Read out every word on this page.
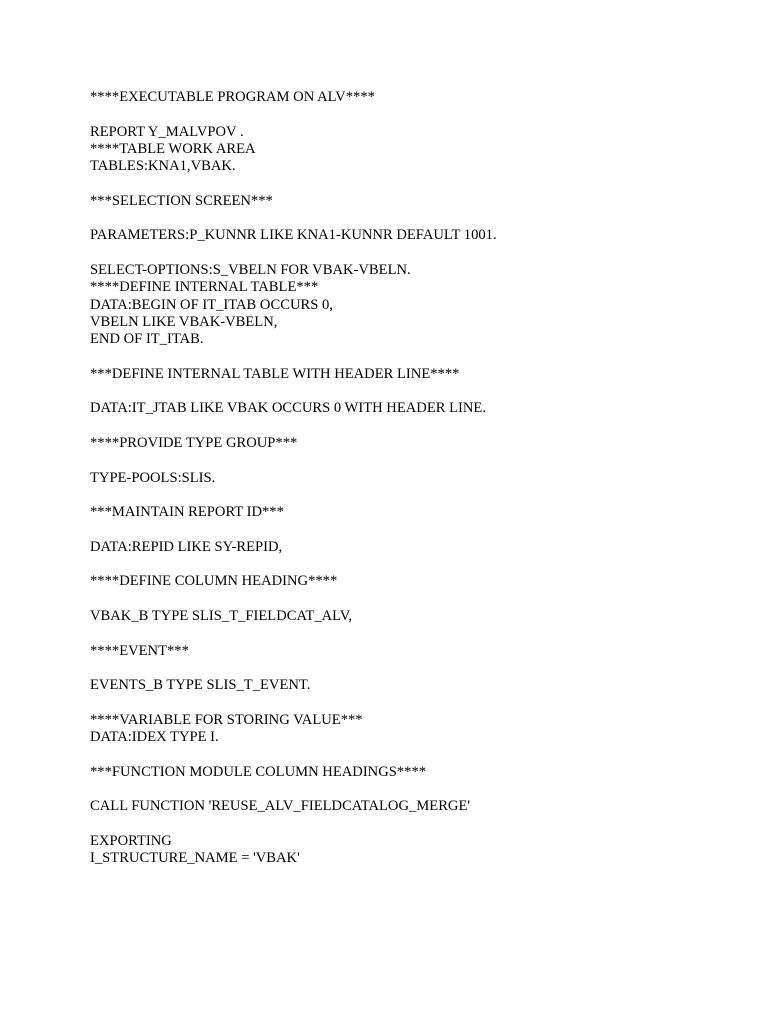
****EXECUTABLE PROGRAM ON ALV****
REPORT Y_MALVPOV .
****TABLE WORK AREA
TABLES:KNA1,VBAK.
***SELECTION SCREEN***
PARAMETERS:P_KUNNR LIKE KNA1-KUNNR DEFAULT 1001.
SELECT-OPTIONS:S_VBELN FOR VBAK-VBELN.
****DEFINE INTERNAL TABLE***
DATA:BEGIN OF IT_ITAB OCCURS 0,
VBELN LIKE VBAK-VBELN,
END OF IT_ITAB.
***DEFINE INTERNAL TABLE WITH HEADER LINE****
DATA:IT_JTAB LIKE VBAK OCCURS 0 WITH HEADER LINE.
****PROVIDE TYPE GROUP***
TYPE-POOLS:SLIS.
***MAINTAIN REPORT ID***
DATA:REPID LIKE SY-REPID,
****DEFINE COLUMN HEADING****
VBAK_B TYPE SLIS_T_FIELDCAT_ALV,
****EVENT***
EVENTS_B TYPE SLIS_T_EVENT.
****VARIABLE FOR STORING VALUE***
DATA:IDEX TYPE I.
***FUNCTION MODULE COLUMN HEADINGS****
CALL FUNCTION 'REUSE_ALV_FIELDCATALOG_MERGE'
EXPORTING
I_STRUCTURE_NAME = 'VBAK'
